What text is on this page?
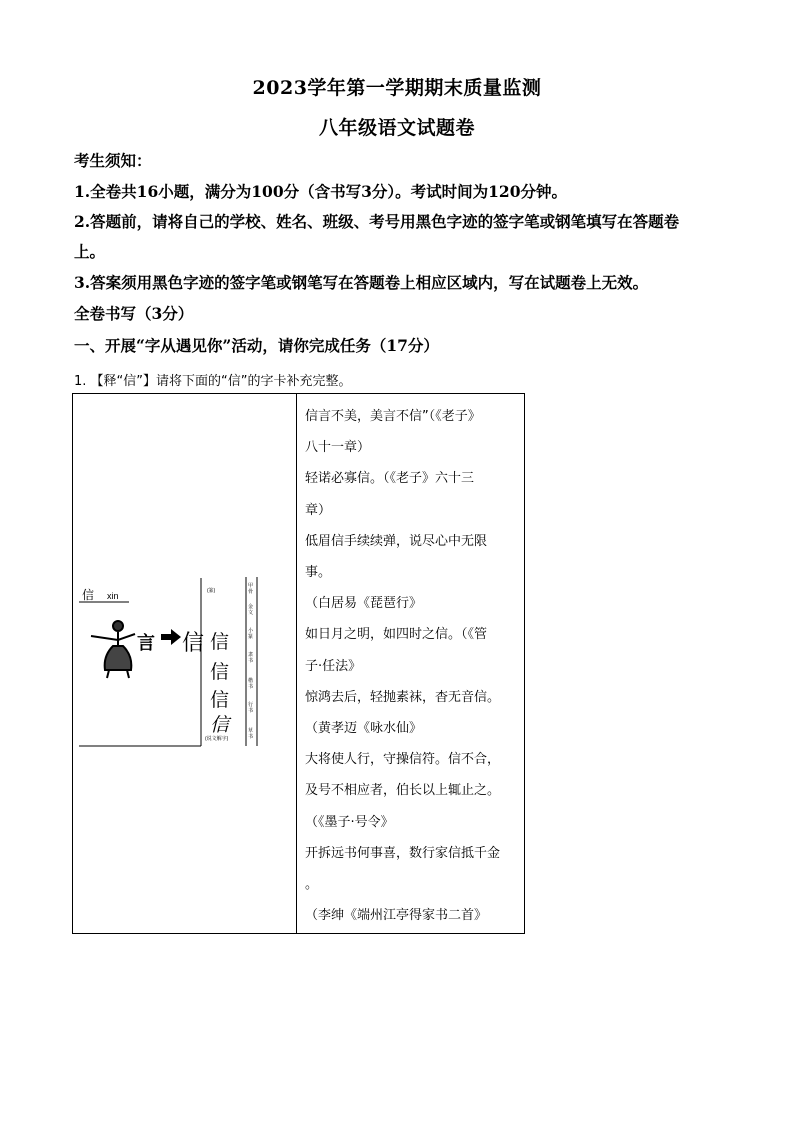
2023学年第一学期期末质量监测
八年级语文试题卷
考生须知：
1.全卷共16小题，满分为100分（含书写3分）。考试时间为120分钟。
2.答题前，请将自己的学校、姓名、班级、考号用黑色字迹的签字笔或钢笔填写在答题卷
上。
3.答案须用黑色字迹的签字笔或钢笔写在答题卷上相应区域内，写在试题卷上无效。
全卷书写（3分）
一、开展“字从遇见你”活动，请你完成任务（17分）
1. 【释“信”】请将下面的“信”的字卡补充完整。
信 xin
言 信
(篆)
𢈰
信
信
信
信
(说文解字)
甲
骨
金
文
小
篆
隶
书
楷
书
行
书
草
书
信言不美，美言不信”（《老子》
八十一章）
轻诺必寡信。（《老子》六十三
章）
低眉信手续续弹，说尽心中无限
事。
（白居易《琵琶行》
如日月之明，如四时之信。（《管
子·任法》
惊鸿去后，轻抛素袜，杳无音信。
（黄孝迈《咏水仙》
大将使人行，守操信符。信不合，
及号不相应者，伯长以上辄止之。
（《墨子·号令》
开拆远书何事喜，数行家信抵千金
。
（李绅《端州江亭得家书二首》
